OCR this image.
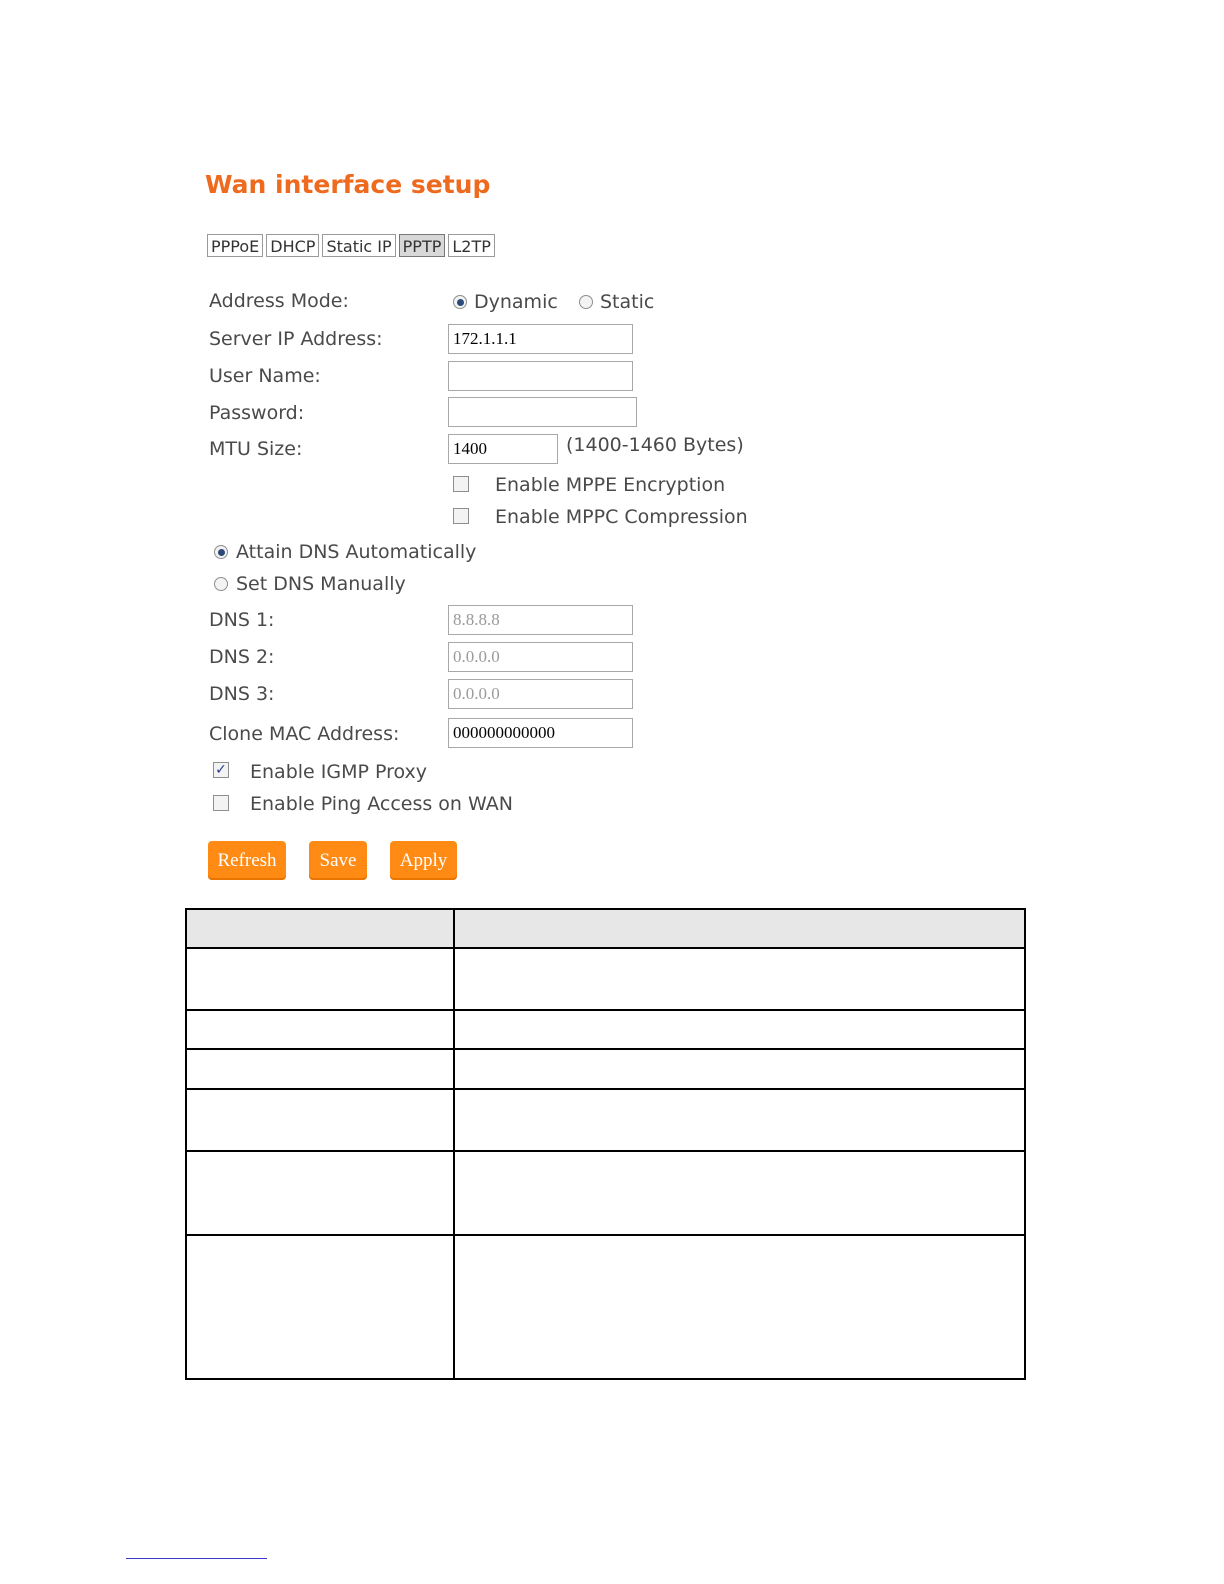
Wan interface setup
PPPoE DHCP Static IP PPTP L2TP
Address Mode:	Dynamic Static
Server IP Address:	172.1.1.1
User Name:
Password:
MTU Size:	1400	(1400-1460 Bytes)
Enable MPPE Encryption
Enable MPPC Compression
Attain DNS Automatically
Set DNS Manually
DNS 1:	8.8.8.8
DNS 2:	0.0.0.0
DNS 3:	0.0.0.0
Clone MAC Address:	000000000000
✓ Enable IGMP Proxy
Enable Ping Access on WAN
Refresh	Save	Apply
